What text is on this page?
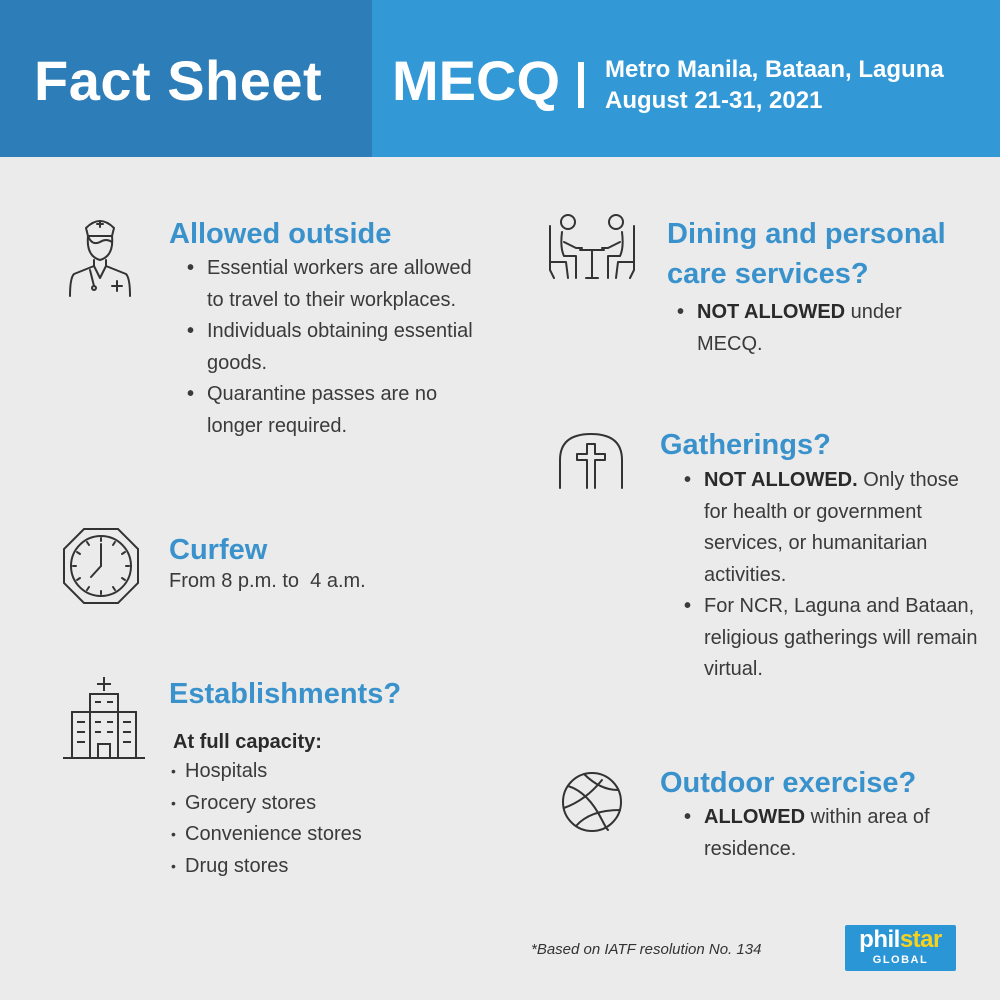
Fact Sheet MECQ Metro Manila, Bataan, Laguna
August 21-31, 2021
Allowed outside
• Essential workers are allowed to travel to their workplaces.
• Individuals obtaining essential goods.
• Quarantine passes are no longer required.
Curfew
From 8 p.m. to  4 a.m.
Establishments?
At full capacity:
• Hospitals
• Grocery stores
• Convenience stores
• Drug stores
Dining and personal
care services?
• NOT ALLOWED under MECQ.
Gatherings?
• NOT ALLOWED. Only those for health or government services, or humanitarian activities.
• For NCR, Laguna and Bataan, religious gatherings will remain virtual.
Outdoor exercise?
• ALLOWED within area of residence.
*Based on IATF resolution No. 134	philstar
GLOBAL
